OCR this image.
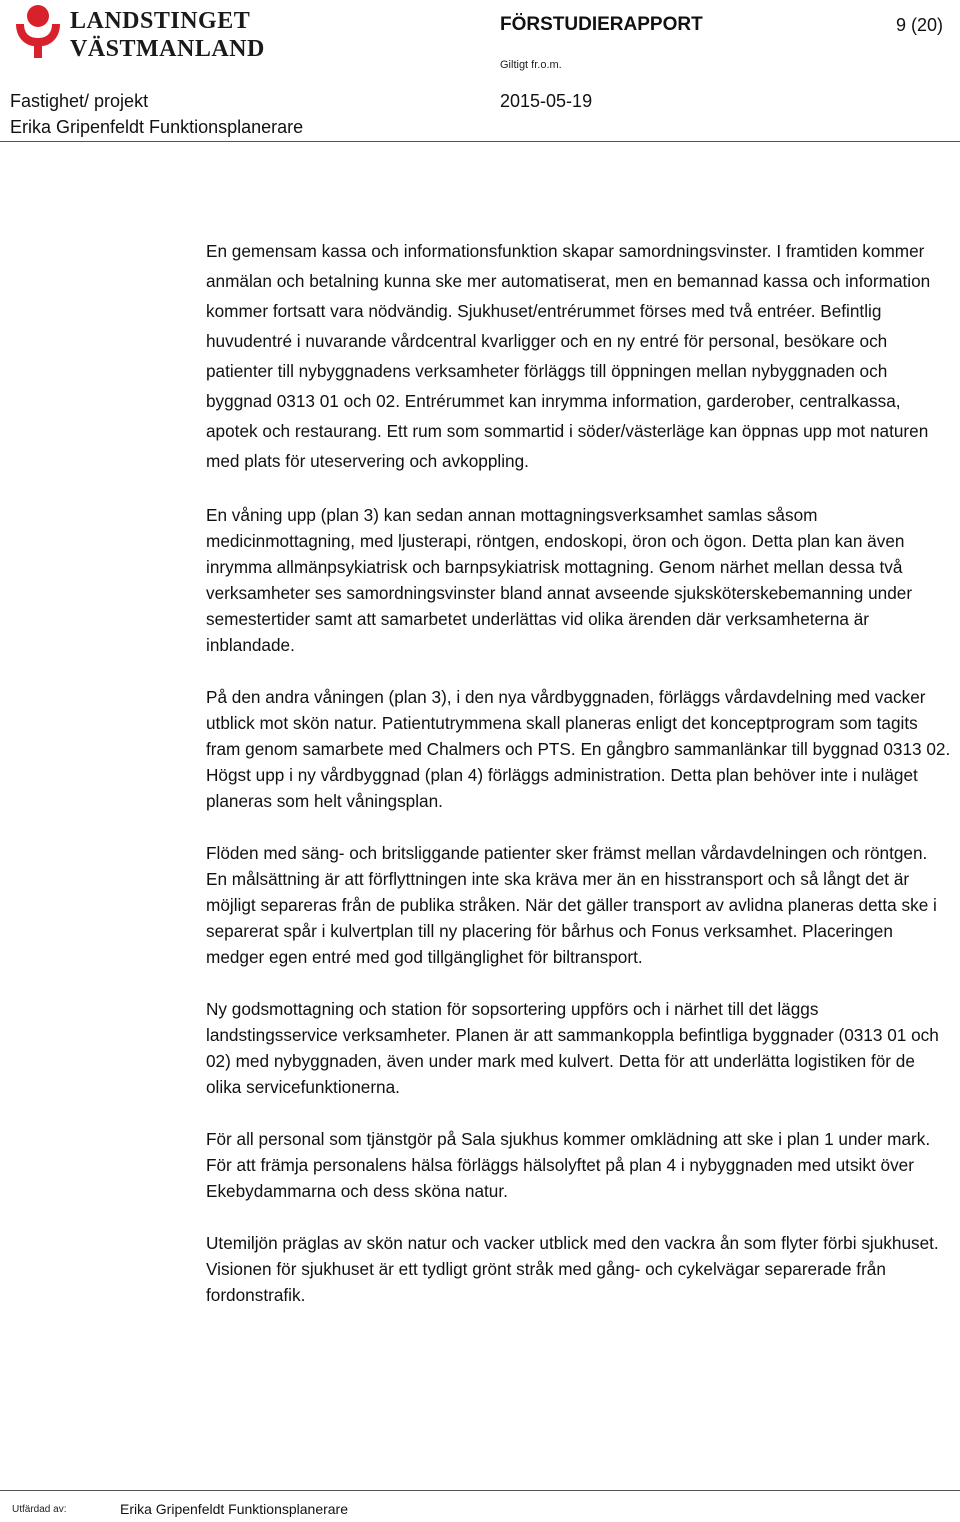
LANDSTINGET
VÄSTMANLAND
FÖRSTUDIERAPPORT	9 (20)
Giltigt fr.o.m.
Fastighet/ projekt	2015-05-19
Erika Gripenfeldt Funktionsplanerare

En gemensam kassa och informationsfunktion skapar samordningsvinster. I framtiden kommer anmälan och betalning kunna ske mer automatiserat, men en bemannad kassa och information kommer fortsatt vara nödvändig. Sjukhuset/entrérummet förses med två entréer. Befintlig huvudentré i nuvarande vårdcentral kvarligger och en ny entré för personal, besökare och patienter till nybyggnadens verksamheter förläggs till öppningen mellan nybyggnaden och byggnad 0313 01 och 02. Entrérummet kan inrymma information, garderober, centralkassa, apotek och restaurang. Ett rum som sommartid i söder/västerläge kan öppnas upp mot naturen med plats för uteservering och avkoppling.

En våning upp (plan 3) kan sedan annan mottagningsverksamhet samlas såsom medicinmottagning, med ljusterapi, röntgen, endoskopi, öron och ögon. Detta plan kan även inrymma allmänpsykiatrisk och barnpsykiatrisk mottagning. Genom närhet mellan dessa två verksamheter ses samordningsvinster bland annat avseende sjuksköterskebemanning under semestertider samt att samarbetet underlättas vid olika ärenden där verksamheterna är inblandade.

På den andra våningen (plan 3), i den nya vårdbyggnaden, förläggs vårdavdelning med vacker utblick mot skön natur. Patientutrymmena skall planeras enligt det konceptprogram som tagits fram genom samarbete med Chalmers och PTS. En gångbro sammanlänkar till byggnad 0313 02. Högst upp i ny vårdbyggnad (plan 4) förläggs administration. Detta plan behöver inte i nuläget planeras som helt våningsplan.

Flöden med säng- och britsliggande patienter sker främst mellan vårdavdelningen och röntgen. En målsättning är att förflyttningen inte ska kräva mer än en hisstransport och så långt det är möjligt separeras från de publika stråken. När det gäller transport av avlidna planeras detta ske i separerat spår i kulvertplan till ny placering för bårhus och Fonus verksamhet. Placeringen medger egen entré med god tillgänglighet för biltransport.

Ny godsmottagning och station för sopsortering uppförs och i närhet till det läggs landstingsservice verksamheter. Planen är att sammankoppla befintliga byggnader (0313 01 och 02) med nybyggnaden, även under mark med kulvert. Detta för att underlätta logistiken för de olika servicefunktionerna.

För all personal som tjänstgör på Sala sjukhus kommer omklädning att ske i plan 1 under mark. För att främja personalens hälsa förläggs hälsolyftet på plan 4 i nybyggnaden med utsikt över Ekebydammarna och dess sköna natur.

Utemiljön präglas av skön natur och vacker utblick med den vackra ån som flyter förbi sjukhuset. Visionen för sjukhuset är ett tydligt grönt stråk med gång- och cykelvägar separerade från fordonstrafik.

Utfärdad av:	Erika Gripenfeldt Funktionsplanerare
